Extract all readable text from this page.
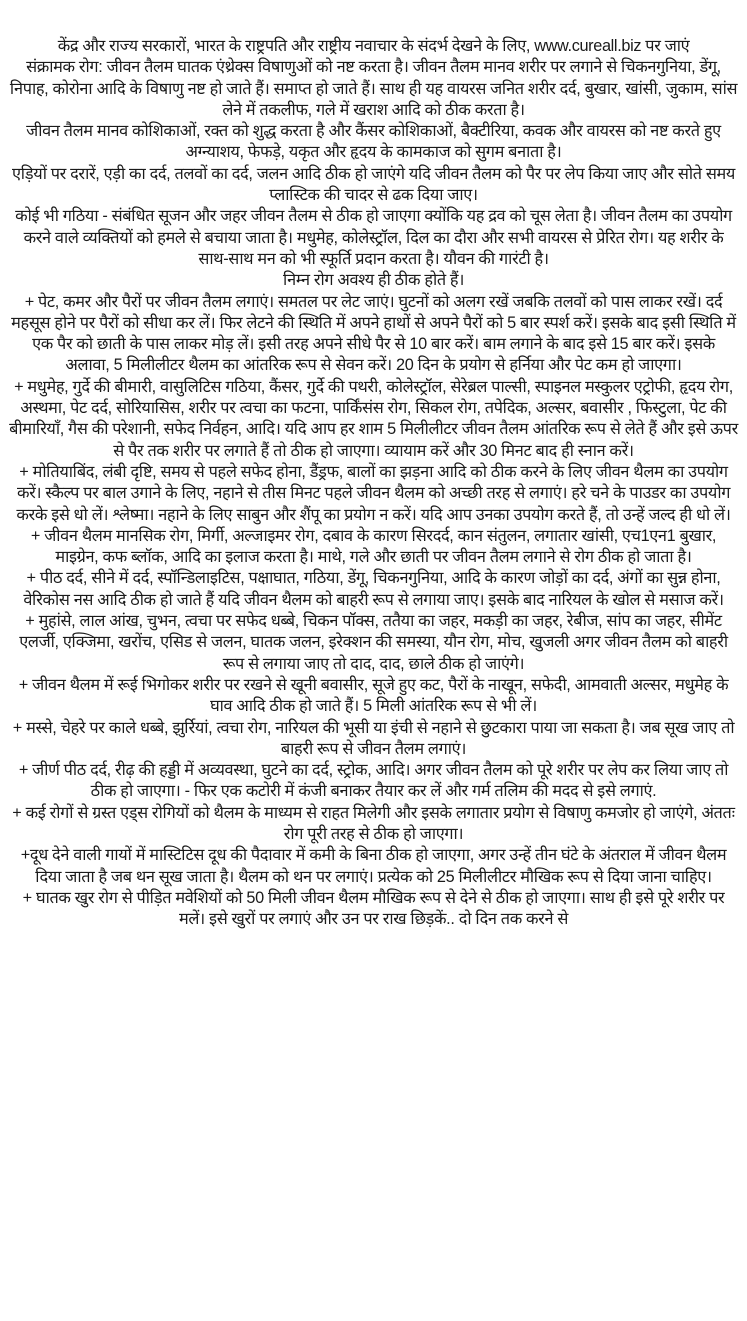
केंद्र और राज्य सरकारों, भारत के राष्ट्रपति और राष्ट्रीय नवाचार के संदर्भ देखने के लिए, www.cureall.biz पर जाएं

संक्रामक रोग: जीवन तैलम घातक एंथ्रेक्स विषाणुओं को नष्ट करता है। जीवन तैलम मानव शरीर पर लगाने से चिकनगुनिया, डेंगू, निपाह, कोरोना आदि के विषाणु नष्ट हो जाते हैं। समाप्त हो जाते हैं। साथ ही यह वायरस जनित शरीर दर्द, बुखार, खांसी, जुकाम, सांस लेने में तकलीफ, गले में खराश आदि को ठीक करता है।

जीवन तैलम मानव कोशिकाओं, रक्त को शुद्ध करता है और कैंसर कोशिकाओं, बैक्टीरिया, कवक और वायरस को नष्ट करते हुए अग्न्याशय, फेफड़े, यकृत और हृदय के कामकाज को सुगम बनाता है।

एड़ियों पर दरारें, एड़ी का दर्द, तलवों का दर्द, जलन आदि ठीक हो जाएंगे यदि जीवन तैलम को पैर पर लेप किया जाए और सोते समय प्लास्टिक की चादर से ढक दिया जाए।

कोई भी गठिया - संबंधित सूजन और जहर जीवन तैलम से ठीक हो जाएगा क्योंकि यह द्रव को चूस लेता है। जीवन तैलम का उपयोग करने वाले व्यक्तियों को हमले से बचाया जाता है। मधुमेह, कोलेस्ट्रॉल, दिल का दौरा और सभी वायरस से प्रेरित रोग। यह शरीर के साथ-साथ मन को भी स्फूर्ति प्रदान करता है। यौवन की गारंटी है।

निम्न रोग अवश्य ही ठीक होते हैं।

+ पेट, कमर और पैरों पर जीवन तैलम लगाएं। समतल पर लेट जाएं। घुटनों को अलग रखें जबकि तलवों को पास लाकर रखें। दर्द महसूस होने पर पैरों को सीधा कर लें। फिर लेटने की स्थिति में अपने हाथों से अपने पैरों को 5 बार स्पर्श करें। इसके बाद इसी स्थिति में एक पैर को छाती के पास लाकर मोड़ लें। इसी तरह अपने सीधे पैर से 10 बार करें। बाम लगाने के बाद इसे 15 बार करें। इसके अलावा, 5 मिलीलीटर थैलम का आंतरिक रूप से सेवन करें। 20 दिन के प्रयोग से हर्निया और पेट कम हो जाएगा।

+ मधुमेह, गुर्दे की बीमारी, वासुलिटिस गठिया, कैंसर, गुर्दे की पथरी, कोलेस्ट्रॉल, सेरेब्रल पाल्सी, स्पाइनल मस्कुलर एट्रोफी, हृदय रोग, अस्थमा, पेट दर्द, सोरियासिस, शरीर पर त्वचा का फटना, पार्किंसंस रोग, सिकल रोग, तपेदिक, अल्सर, बवासीर , फिस्टुला, पेट की बीमारियाँ, गैस की परेशानी, सफेद निर्वहन, आदि। यदि आप हर शाम 5 मिलीलीटर जीवन तैलम आंतरिक रूप से लेते हैं और इसे ऊपर से पैर तक शरीर पर लगाते हैं तो ठीक हो जाएगा। व्यायाम करें और 30 मिनट बाद ही स्नान करें।

+ मोतियाबिंद, लंबी दृष्टि, समय से पहले सफेद होना, डैंड्रफ, बालों का झड़ना आदि को ठीक करने के लिए जीवन थैलम का उपयोग करें। स्कैल्प पर बाल उगाने के लिए, नहाने से तीस मिनट पहले जीवन थैलम को अच्छी तरह से लगाएं। हरे चने के पाउडर का उपयोग करके इसे धो लें। श्लेष्मा। नहाने के लिए साबुन और शैंपू का प्रयोग न करें। यदि आप उनका उपयोग करते हैं, तो उन्हें जल्द ही धो लें।

+ जीवन थैलम मानसिक रोग, मिर्गी, अल्जाइमर रोग, दबाव के कारण सिरदर्द, कान संतुलन, लगातार खांसी, एच1एन1 बुखार, माइग्रेन, कफ ब्लॉक, आदि का इलाज करता है। माथे, गले और छाती पर जीवन तैलम लगाने से रोग ठीक हो जाता है।

+ पीठ दर्द, सीने में दर्द, स्पॉन्डिलाइटिस, पक्षाघात, गठिया, डेंगू, चिकनगुनिया, आदि के कारण जोड़ों का दर्द, अंगों का सुन्न होना, वेरिकोस नस आदि ठीक हो जाते हैं यदि जीवन थैलम को बाहरी रूप से लगाया जाए। इसके बाद नारियल के खोल से मसाज करें।

+ मुहांसे, लाल आंख, चुभन, त्वचा पर सफेद धब्बे, चिकन पॉक्स, ततैया का जहर, मकड़ी का जहर, रेबीज, सांप का जहर, सीमेंट एलर्जी, एक्जिमा, खरोंच, एसिड से जलन, घातक जलन, इरेक्शन की समस्या, यौन रोग, मोच, खुजली अगर जीवन तैलम को बाहरी रूप से लगाया जाए तो दाद, दाद, छाले ठीक हो जाएंगे।

+ जीवन थैलम में रूई भिगोकर शरीर पर रखने से खूनी बवासीर, सूजे हुए कट, पैरों के नाखून, सफेदी, आमवाती अल्सर, मधुमेह के घाव आदि ठीक हो जाते हैं। 5 मिली आंतरिक रूप से भी लें।

+ मस्से, चेहरे पर काले धब्बे, झुर्रियां, त्वचा रोग, नारियल की भूसी या इंची से नहाने से छुटकारा पाया जा सकता है। जब सूख जाए तो बाहरी रूप से जीवन तैलम लगाएं।

+ जीर्ण पीठ दर्द, रीढ़ की हड्डी में अव्यवस्था, घुटने का दर्द, स्ट्रोक, आदि। अगर जीवन तैलम को पूरे शरीर पर लेप कर लिया जाए तो ठीक हो जाएगा। - फिर एक कटोरी में कंजी बनाकर तैयार कर लें और गर्म तलिम की मदद से इसे लगाएं.

+ कई रोगों से ग्रस्त एड्स रोगियों को थैलम के माध्यम से राहत मिलेगी और इसके लगातार प्रयोग से विषाणु कमजोर हो जाएंगे, अंततः रोग पूरी तरह से ठीक हो जाएगा।

+दूध देने वाली गायों में मास्टिटिस दूध की पैदावार में कमी के बिना ठीक हो जाएगा, अगर उन्हें तीन घंटे के अंतराल में जीवन थैलम दिया जाता है जब थन सूख जाता है। थैलम को थन पर लगाएं। प्रत्येक को 25 मिलीलीटर मौखिक रूप से दिया जाना चाहिए।

+ घातक खुर रोग से पीड़ित मवेशियों को 50 मिली जीवन थैलम मौखिक रूप से देने से ठीक हो जाएगा। साथ ही इसे पूरे शरीर पर मलें। इसे खुरों पर लगाएं और उन पर राख छिड़कें.. दो दिन तक करने से
